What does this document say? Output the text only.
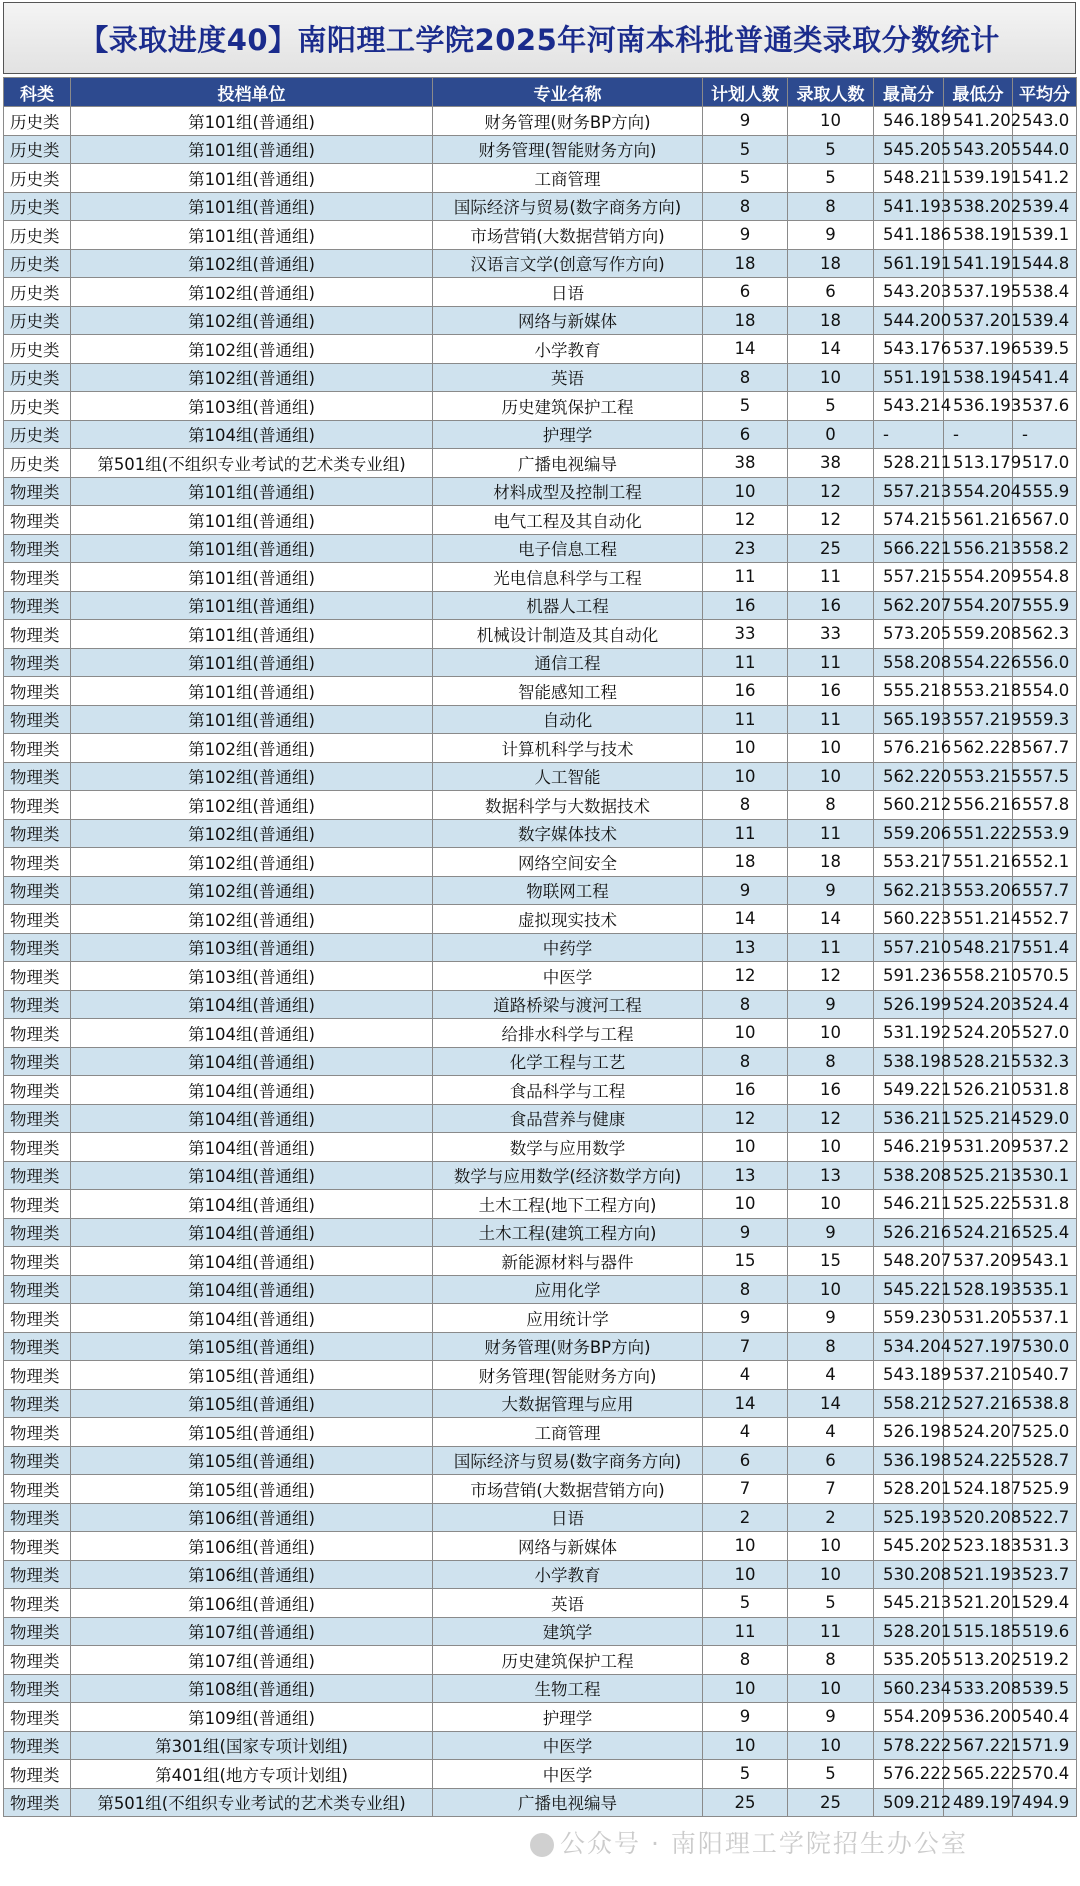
【录取进度40】南阳理工学院2025年河南本科批普通类录取分数统计
科类	投档单位	专业名称	计划人数	录取人数	最高分	最低分	平均分
历史类	第101组(普通组)	财务管理(财务BP方向)	9	10	546.189	541.202	543.0
历史类	第101组(普通组)	财务管理(智能财务方向)	5	5	545.205	543.205	544.0
历史类	第101组(普通组)	工商管理	5	5	548.211	539.191	541.2
历史类	第101组(普通组)	国际经济与贸易(数字商务方向)	8	8	541.193	538.202	539.4
历史类	第101组(普通组)	市场营销(大数据营销方向)	9	9	541.186	538.191	539.1
历史类	第102组(普通组)	汉语言文学(创意写作方向)	18	18	561.191	541.191	544.8
历史类	第102组(普通组)	日语	6	6	543.203	537.195	538.4
历史类	第102组(普通组)	网络与新媒体	18	18	544.200	537.201	539.4
历史类	第102组(普通组)	小学教育	14	14	543.176	537.196	539.5
历史类	第102组(普通组)	英语	8	10	551.191	538.194	541.4
历史类	第103组(普通组)	历史建筑保护工程	5	5	543.214	536.193	537.6
历史类	第104组(普通组)	护理学	6	0	-	-	-
历史类	第501组(不组织专业考试的艺术类专业组)	广播电视编导	38	38	528.211	513.179	517.0
物理类	第101组(普通组)	材料成型及控制工程	10	12	557.213	554.204	555.9
物理类	第101组(普通组)	电气工程及其自动化	12	12	574.215	561.216	567.0
物理类	第101组(普通组)	电子信息工程	23	25	566.221	556.213	558.2
物理类	第101组(普通组)	光电信息科学与工程	11	11	557.215	554.209	554.8
物理类	第101组(普通组)	机器人工程	16	16	562.207	554.207	555.9
物理类	第101组(普通组)	机械设计制造及其自动化	33	33	573.205	559.208	562.3
物理类	第101组(普通组)	通信工程	11	11	558.208	554.226	556.0
物理类	第101组(普通组)	智能感知工程	16	16	555.218	553.218	554.0
物理类	第101组(普通组)	自动化	11	11	565.193	557.219	559.3
物理类	第102组(普通组)	计算机科学与技术	10	10	576.216	562.228	567.7
物理类	第102组(普通组)	人工智能	10	10	562.220	553.215	557.5
物理类	第102组(普通组)	数据科学与大数据技术	8	8	560.212	556.216	557.8
物理类	第102组(普通组)	数字媒体技术	11	11	559.206	551.222	553.9
物理类	第102组(普通组)	网络空间安全	18	18	553.217	551.216	552.1
物理类	第102组(普通组)	物联网工程	9	9	562.213	553.206	557.7
物理类	第102组(普通组)	虚拟现实技术	14	14	560.223	551.214	552.7
物理类	第103组(普通组)	中药学	13	11	557.210	548.217	551.4
物理类	第103组(普通组)	中医学	12	12	591.236	558.210	570.5
物理类	第104组(普通组)	道路桥梁与渡河工程	8	9	526.199	524.203	524.4
物理类	第104组(普通组)	给排水科学与工程	10	10	531.192	524.205	527.0
物理类	第104组(普通组)	化学工程与工艺	8	8	538.198	528.215	532.3
物理类	第104组(普通组)	食品科学与工程	16	16	549.221	526.210	531.8
物理类	第104组(普通组)	食品营养与健康	12	12	536.211	525.214	529.0
物理类	第104组(普通组)	数学与应用数学	10	10	546.219	531.209	537.2
物理类	第104组(普通组)	数学与应用数学(经济数学方向)	13	13	538.208	525.213	530.1
物理类	第104组(普通组)	土木工程(地下工程方向)	10	10	546.211	525.225	531.8
物理类	第104组(普通组)	土木工程(建筑工程方向)	9	9	526.216	524.216	525.4
物理类	第104组(普通组)	新能源材料与器件	15	15	548.207	537.209	543.1
物理类	第104组(普通组)	应用化学	8	10	545.221	528.193	535.1
物理类	第104组(普通组)	应用统计学	9	9	559.230	531.205	537.1
物理类	第105组(普通组)	财务管理(财务BP方向)	7	8	534.204	527.197	530.0
物理类	第105组(普通组)	财务管理(智能财务方向)	4	4	543.189	537.210	540.7
物理类	第105组(普通组)	大数据管理与应用	14	14	558.212	527.216	538.8
物理类	第105组(普通组)	工商管理	4	4	526.198	524.207	525.0
物理类	第105组(普通组)	国际经济与贸易(数字商务方向)	6	6	536.198	524.225	528.7
物理类	第105组(普通组)	市场营销(大数据营销方向)	7	7	528.201	524.187	525.9
物理类	第106组(普通组)	日语	2	2	525.193	520.208	522.7
物理类	第106组(普通组)	网络与新媒体	10	10	545.202	523.183	531.3
物理类	第106组(普通组)	小学教育	10	10	530.208	521.193	523.7
物理类	第106组(普通组)	英语	5	5	545.213	521.201	529.4
物理类	第107组(普通组)	建筑学	11	11	528.201	515.185	519.6
物理类	第107组(普通组)	历史建筑保护工程	8	8	535.205	513.202	519.2
物理类	第108组(普通组)	生物工程	10	10	560.234	533.208	539.5
物理类	第109组(普通组)	护理学	9	9	554.209	536.200	540.4
物理类	第301组(国家专项计划组)	中医学	10	10	578.222	567.221	571.9
物理类	第401组(地方专项计划组)	中医学	5	5	576.222	565.222	570.4
物理类	第501组(不组织专业考试的艺术类专业组)	广播电视编导	25	25	509.212	489.197	494.9
公众号 · 南阳理工学院招生办公室
